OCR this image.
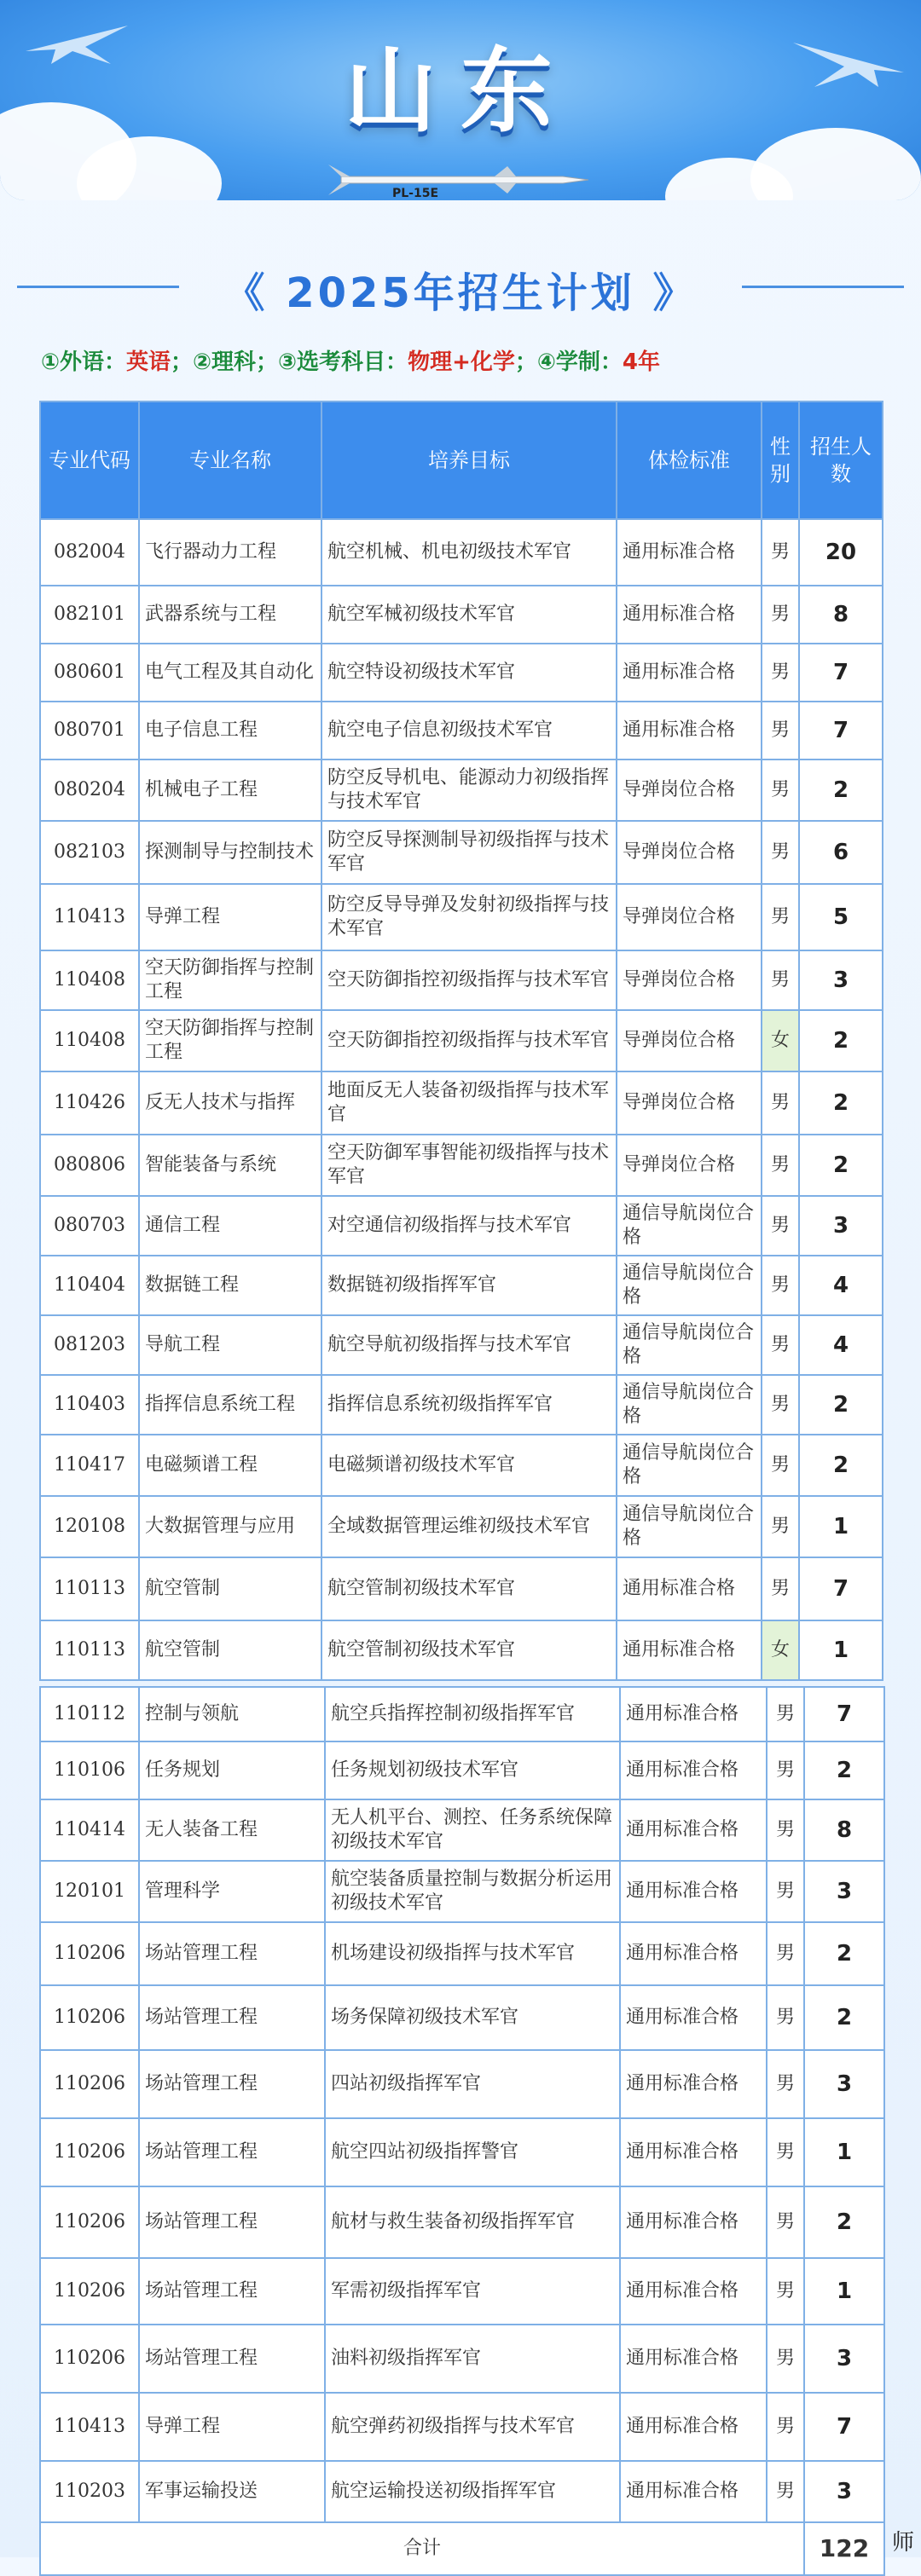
山东
PL-15E
《 2025年招生计划 》
①外语：英语；②理科；③选考科目：物理+化学；④学制：4年
专业代码	专业名称	培养目标	体检标准	性别	招生人数
082004	飞行器动力工程	航空机械、机电初级技术军官	通用标准合格	男	20
082101	武器系统与工程	航空军械初级技术军官	通用标准合格	男	8
080601	电气工程及其自动化	航空特设初级技术军官	通用标准合格	男	7
080701	电子信息工程	航空电子信息初级技术军官	通用标准合格	男	7
080204	机械电子工程	防空反导机电、能源动力初级指挥与技术军官	导弹岗位合格	男	2
082103	探测制导与控制技术	防空反导探测制导初级指挥与技术军官	导弹岗位合格	男	6
110413	导弹工程	防空反导导弹及发射初级指挥与技术军官	导弹岗位合格	男	5
110408	空天防御指挥与控制工程	空天防御指控初级指挥与技术军官	导弹岗位合格	男	3
110408	空天防御指挥与控制工程	空天防御指控初级指挥与技术军官	导弹岗位合格	女	2
110426	反无人技术与指挥	地面反无人装备初级指挥与技术军官	导弹岗位合格	男	2
080806	智能装备与系统	空天防御军事智能初级指挥与技术军官	导弹岗位合格	男	2
080703	通信工程	对空通信初级指挥与技术军官	通信导航岗位合格	男	3
110404	数据链工程	数据链初级指挥军官	通信导航岗位合格	男	4
081203	导航工程	航空导航初级指挥与技术军官	通信导航岗位合格	男	4
110403	指挥信息系统工程	指挥信息系统初级指挥军官	通信导航岗位合格	男	2
110417	电磁频谱工程	电磁频谱初级技术军官	通信导航岗位合格	男	2
120108	大数据管理与应用	全域数据管理运维初级技术军官	通信导航岗位合格	男	1
110113	航空管制	航空管制初级技术军官	通用标准合格	男	7
110113	航空管制	航空管制初级技术军官	通用标准合格	女	1
110112	控制与领航	航空兵指挥控制初级指挥军官	通用标准合格	男	7
110106	任务规划	任务规划初级技术军官	通用标准合格	男	2
110414	无人装备工程	无人机平台、测控、任务系统保障初级技术军官	通用标准合格	男	8
120101	管理科学	航空装备质量控制与数据分析运用初级技术军官	通用标准合格	男	3
110206	场站管理工程	机场建设初级指挥与技术军官	通用标准合格	男	2
110206	场站管理工程	场务保障初级技术军官	通用标准合格	男	2
110206	场站管理工程	四站初级指挥军官	通用标准合格	男	3
110206	场站管理工程	航空四站初级指挥警官	通用标准合格	男	1
110206	场站管理工程	航材与救生装备初级指挥军官	通用标准合格	男	2
110206	场站管理工程	军需初级指挥军官	通用标准合格	男	1
110206	场站管理工程	油料初级指挥军官	通用标准合格	男	3
110413	导弹工程	航空弹药初级指挥与技术军官	通用标准合格	男	7
110203	军事运输投送	航空运输投送初级指挥军官	通用标准合格	男	3
合计					122 师
